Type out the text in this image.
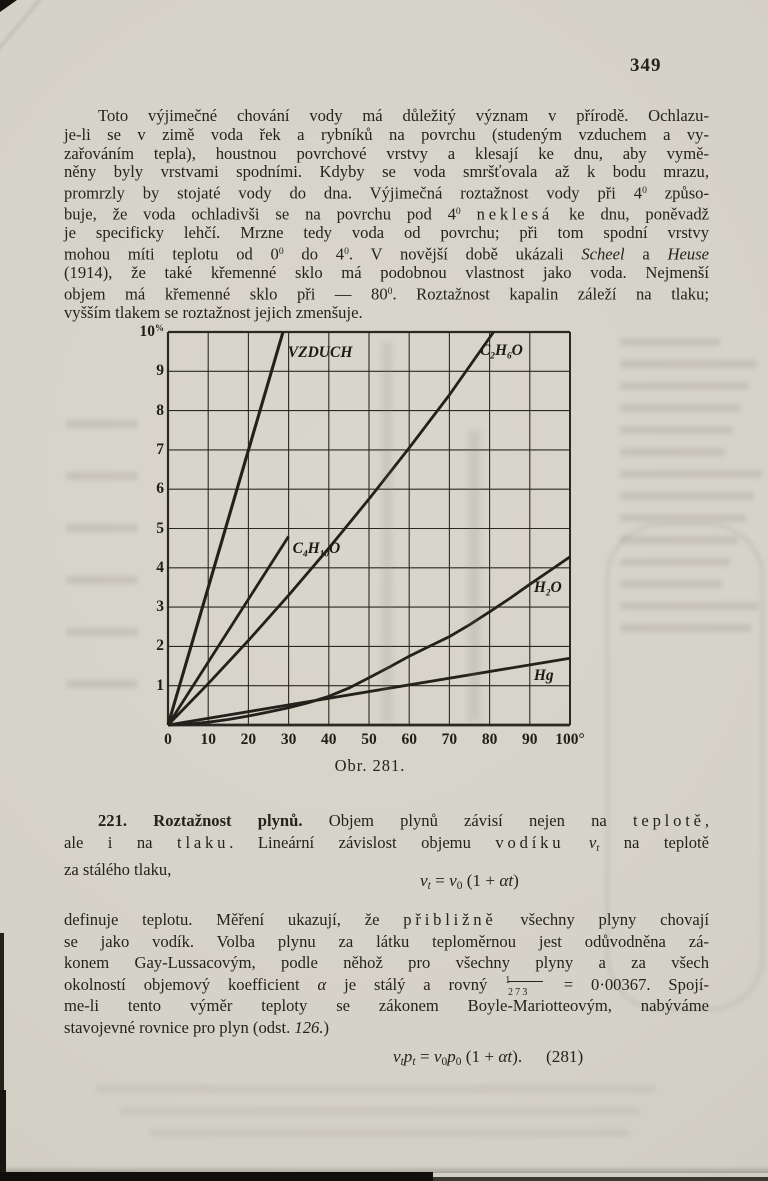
349
Toto výjimečné chování vody má důležitý význam v přírodě. Ochlazu-
je-li se v zimě voda řek a rybníků na povrchu (studeným vzduchem a vy-
zařováním tepla), houstnou povrchové vrstvy a klesají ke dnu, aby vymě-
něny byly vrstvami spodními. Kdyby se voda smršťovala až k bodu mrazu,
promrzly by stojaté vody do dna. Výjimečná roztažnost vody při $4^0$ způso-
buje, že voda ochladivši se na povrchu pod $4^0$ neklesá ke dnu, poněvadž
je specificky lehčí. Mrzne tedy voda od povrchu; při tom spodní vrstvy
mohou míti teplotu od $0^0$ do $4^0$. V novější době ukázali Scheel a Heuse
(1914), že také křemenné sklo má podobnou vlastnost jako voda. Nejmenší
objem má křemenné sklo při — $80^0$. Roztažnost kapalin záleží na tlaku;
vyšším tlakem se roztažnost jejich zmenšuje.
Obr. 281.
VZDUCH	$C_2H_6O$
$C_4H_{10}O$
$H_2O$
Hg
0	10	20	30	40	50	60	70	80	90	100°
1
2
3
4
5
6
7
8
9
10%
221. Roztažnost plynů. Objem plynů závisí nejen na teplotě,
ale i na tlaku. Lineární závislost objemu vodíku vt na teplotě
za stálého tlaku,
vt = v0 (1 + αt)
definuje teplotu. Měření ukazují, že přibližně všechny plyny chovají
se jako vodík. Volba plynu za látku teploměrnou jest odůvodněna zá-
konem Gay-Lussacovým, podle něhož pro všechny plyny a za všech
okolností objemový koefficient α je stálý a rovný 1
273 = 0·00367. Spojí-
me-li tento výměr teploty se zákonem Boyle-Mariotteovým, nabýváme
stavojevné rovnice pro plyn (odst. 126.)
vtpt = v0p0 (1 + αt). (281)
